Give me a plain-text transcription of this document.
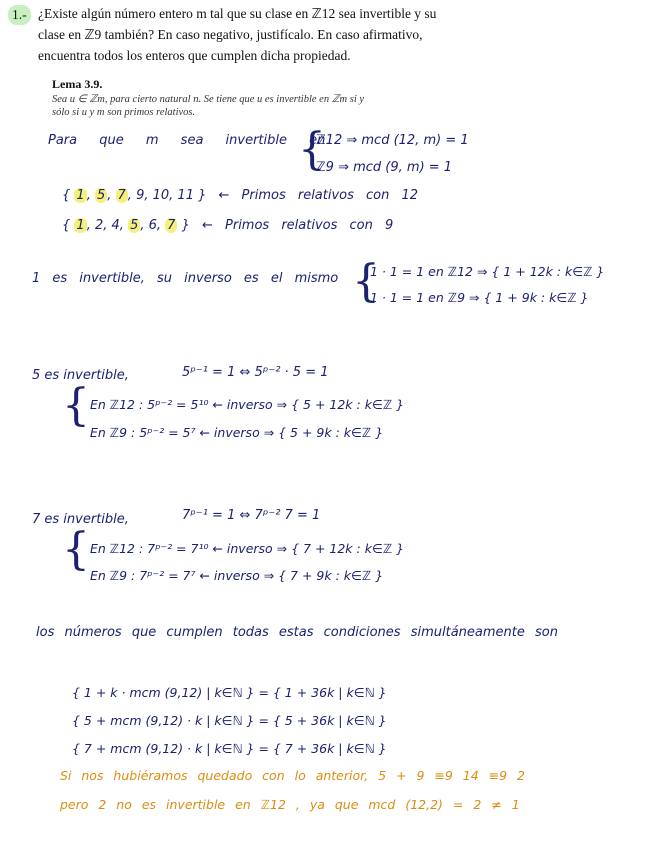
1.- ¿Existe algún número entero m tal que su clase en ℤ12 sea invertible y su
clase en ℤ9 también? En caso negativo, justifícalo. En caso afirmativo,
encuentra todos los enteros que cumplen dicha propiedad.
Lema 3.9.
Sea u ∈ ℤm, para cierto natural n. Se tiene que u es invertible en ℤm si y
sólo si u y m son primos relativos.
Para que m sea invertible en
{
ℤ12 ⇒ mcd (12, m) = 1
ℤ9 ⇒ mcd (9, m) = 1
{ 1 , 5 , 7 , 9, 10, 11 } ← Primos relativos con 12
{ 1 , 2, 4, 5 , 6, 7 } ← Primos relativos con 9
1 es invertible, su inverso es el mismo {
1 · 1 = 1 en ℤ12 ⇒ { 1 + 12k : k∈ℤ }
1 · 1 = 1 en ℤ9 ⇒ { 1 + 9k : k∈ℤ }
5 es invertible,	5ᵖ⁻¹ = 1 ⇔ 5ᵖ⁻² · 5 = 1
{ En ℤ12 : 5ᵖ⁻² = 5¹⁰ ← inverso ⇒ { 5 + 12k : k∈ℤ }
En ℤ9 : 5ᵖ⁻² = 5⁷ ← inverso ⇒ { 5 + 9k : k∈ℤ }
7 es invertible,	7ᵖ⁻¹ = 1 ⇔ 7ᵖ⁻² 7 = 1
{ En ℤ12 : 7ᵖ⁻² = 7¹⁰ ← inverso ⇒ { 7 + 12k : k∈ℤ }
En ℤ9 : 7ᵖ⁻² = 7⁷ ← inverso ⇒ { 7 + 9k : k∈ℤ }
los números que cumplen todas estas condiciones simultáneamente son
{ 1 + k · mcm (9,12) | k∈ℕ } = { 1 + 36k | k∈ℕ }
{ 5 + mcm (9,12) · k | k∈ℕ } = { 5 + 36k | k∈ℕ }
{ 7 + mcm (9,12) · k | k∈ℕ } = { 7 + 36k | k∈ℕ }
Si nos hubiéramos quedado con lo anterior, 5 + 9 ≡9 14 ≡9 2
pero 2 no es invertible en ℤ12 , ya que mcd (12,2) = 2 ≠ 1
